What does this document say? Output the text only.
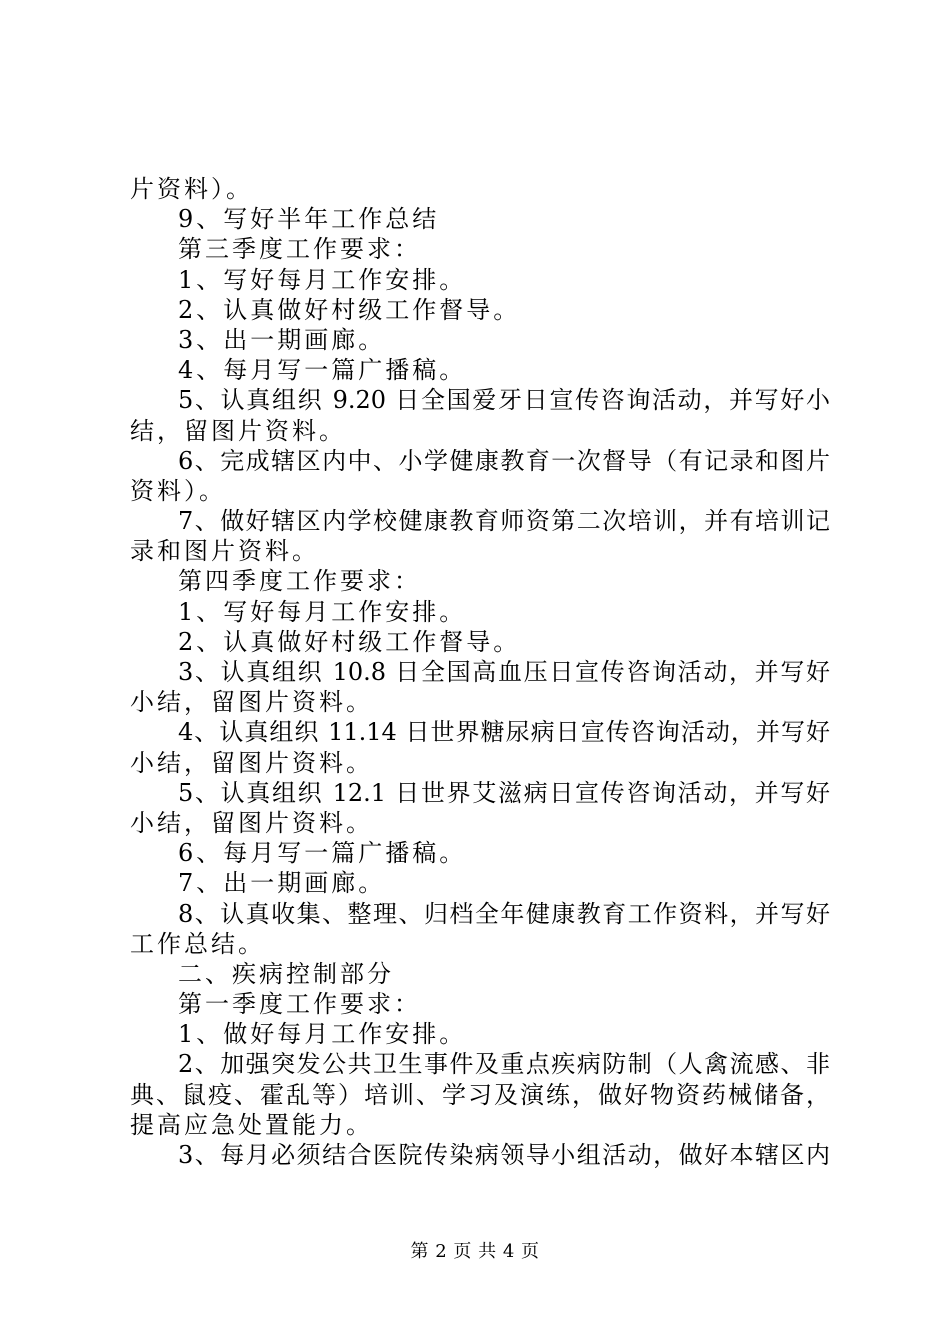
片资料）。
9、写好半年工作总结
第三季度工作要求：
1、写好每月工作安排。
2、认真做好村级工作督导。
3、出一期画廊。
4、每月写一篇广播稿。
5、认真组织 9.20 日全国爱牙日宣传咨询活动，并写好小
结，留图片资料。
6、完成辖区内中、小学健康教育一次督导（有记录和图片
资料）。
7、做好辖区内学校健康教育师资第二次培训，并有培训记
录和图片资料。
第四季度工作要求：
1、写好每月工作安排。
2、认真做好村级工作督导。
3、认真组织 10.8 日全国高血压日宣传咨询活动，并写好
小结，留图片资料。
4、认真组织 11.14 日世界糖尿病日宣传咨询活动，并写好
小结，留图片资料。
5、认真组织 12.1 日世界艾滋病日宣传咨询活动，并写好
小结，留图片资料。
6、每月写一篇广播稿。
7、出一期画廊。
8、认真收集、整理、归档全年健康教育工作资料，并写好
工作总结。
二、疾病控制部分
第一季度工作要求：
1、做好每月工作安排。
2、加强突发公共卫生事件及重点疾病防制（人禽流感、非
典、鼠疫、霍乱等）培训、学习及演练，做好物资药械储备，
提高应急处置能力。
3、每月必须结合医院传染病领导小组活动，做好本辖区内
第 2 页 共 4 页
